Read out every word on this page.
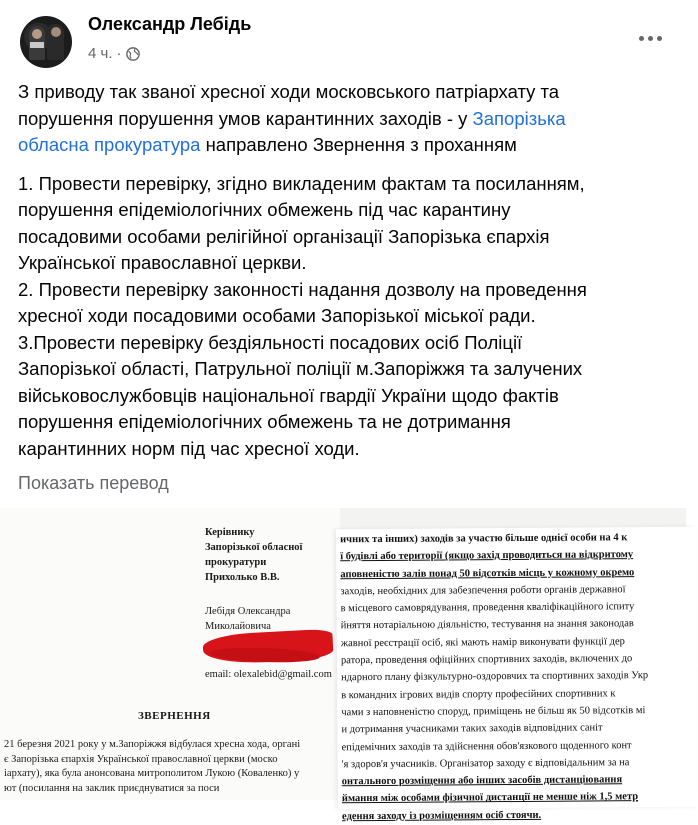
Олександр Лебідь
4 ч. ·

З приводу так званої хресної ходи московського патріархату та
порушення порушення умов карантинних заходів - у Запорізька
обласна прокуратура направлено Звернення з проханням

1. Провести перевірку, згідно викладеним фактам та посиланням,
порушення епідеміологічних обмежень під час карантину
посадовими особами релігійної організації Запорізька єпархія
Української православної церкви.
2. Провести перевірку законності надання дозволу на проведення
хресної ходи посадовими особами Запорізької міської ради.
3.Провести перевірку бездіяльності посадових осіб Поліції
Запорізької області, Патрульної поліції м.Запоріжжя та залучених
військовослужбовців національної гвардії України щодо фактів
порушення епідеміологічних обмежень та не дотримання
карантинних норм під час хресної ходи.

Показать перевод
Керівнику
Запорізької обласної
прокуратури
Прихолько В.В.
Лебідя Олександра
Миколайовича
email: olexalebid@gmail.com
ЗВЕРНЕННЯ
21 березня 2021 року у м.Запоріжжя відбулася хресна хода, органі
є Запорізька єпархія Української православної церкви (моско
іархату), яка була анонсована митрополитом Лукою (Коваленко) у
ют (посилання на заклик приєднуватися за поси
ичних та інших) заходів за участю більше однієї особи на 4 к
ї будівлі або території (якщо захід проводиться на відкритому
аповненістю залів понад 50 відсотків місць у кожному окремо
заходів, необхідних для забезпечення роботи органів державної
в місцевого самоврядування, проведення кваліфікаційного іспиту
йняття нотаріальною діяльністю, тестування на знання законодав
жавної реєстрації осіб, які мають намір виконувати функції дер
ратора, проведення офіційних спортивних заходів, включених до
ндарного плану фізкультурно-оздоровчих та спортивних заходів Укр
в командних ігрових видів спорту професійних спортивних к
чами з наповненістю споруд, приміщень не більш як 50 відсотків мі
и дотримання учасниками таких заходів відповідних саніт
епідемічних заходів та здійснення обов'язкового щоденного конт
'я здоров'я учасників. Організатор заходу є відповідальним за на
онтального розміщення або інших засобів дистанціювання
ймання між особами фізичної дистанції не менше ніж 1,5 метр
едення заходу із розміщенням осіб стоячи.
